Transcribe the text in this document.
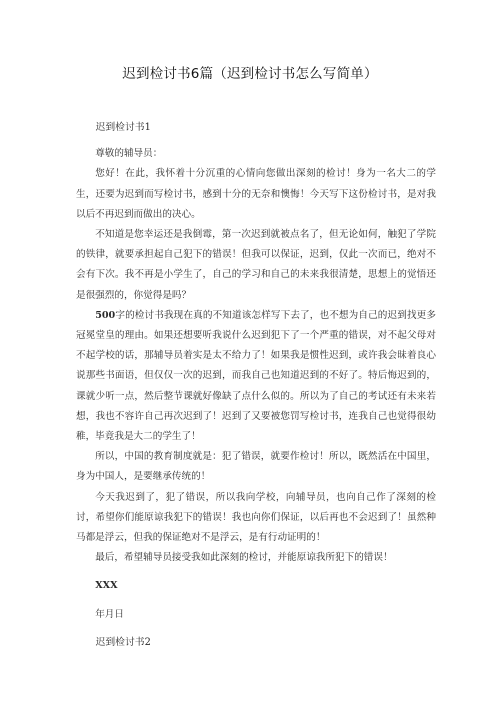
迟到检讨书6篇（迟到检讨书怎么写简单）

迟到检讨书1

尊敬的辅导员：

您好！在此，我怀着十分沉重的心情向您做出深刻的检讨！身为一名大二的学生，还要为迟到而写检讨书，感到十分的无奈和懊悔！今天写下这份检讨书，是对我以后不再迟到而做出的决心。

不知道是您幸运还是我倒霉，第一次迟到就被点名了，但无论如何，触犯了学院的铁律，就要承担起自己犯下的错误！但我可以保证，迟到，仅此一次而已，绝对不会有下次。我不再是小学生了，自己的学习和自己的未来我很清楚，思想上的觉悟还是很强烈的，你觉得是吗？

500字的检讨书我现在真的不知道该怎样写下去了，也不想为自己的迟到找更多冠冕堂皇的理由。如果还想要听我说什么迟到犯下了一个严重的错误，对不起父母对不起学校的话，那辅导员着实是太不给力了！如果我是惯性迟到，或许我会昧着良心说那些书面语，但仅仅一次的迟到，而我自己也知道迟到的不好了。特后悔迟到的，课就少听一点，然后整节课就好像缺了点什么似的。所以为了自己的考试还有未来若想，我也不容许自己再次迟到了！迟到了又要被您罚写检讨书，连我自己也觉得很幼稚，毕竟我是大二的学生了！

所以，中国的教育制度就是：犯了错误，就要作检讨！所以，既然活在中国里，身为中国人，是要继承传统的！

今天我迟到了，犯了错误，所以我向学校，向辅导员，也向自己作了深刻的检讨，希望你们能原谅我犯下的错误！我也向你们保证，以后再也不会迟到了！虽然种马都是浮云，但我的保证绝对不是浮云，是有行动证明的！

最后，希望辅导员接受我如此深刻的检讨，并能原谅我所犯下的错误！

XXX

年月日

迟到检讨书2
